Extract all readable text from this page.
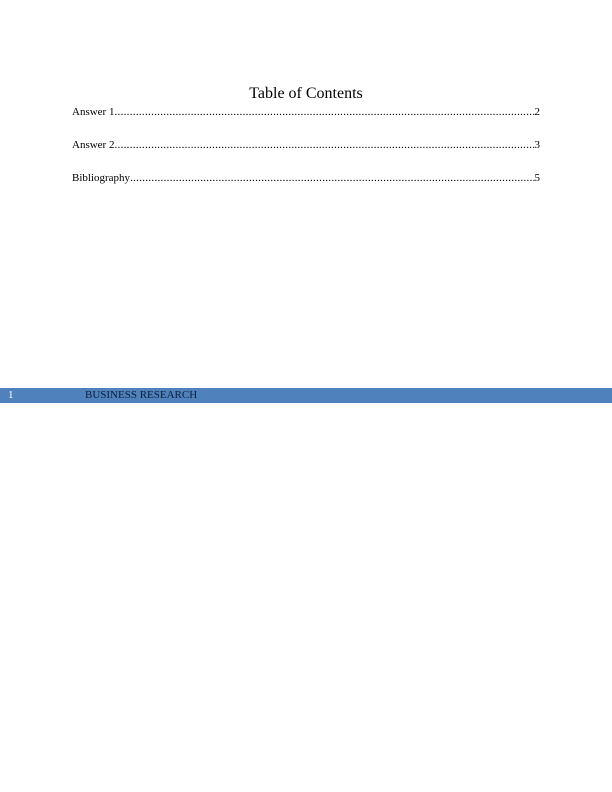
Table of Contents
Answer 1 .....	2
Answer 2 .....	3
Bibliography .....	5
1	BUSINESS RESEARCH
